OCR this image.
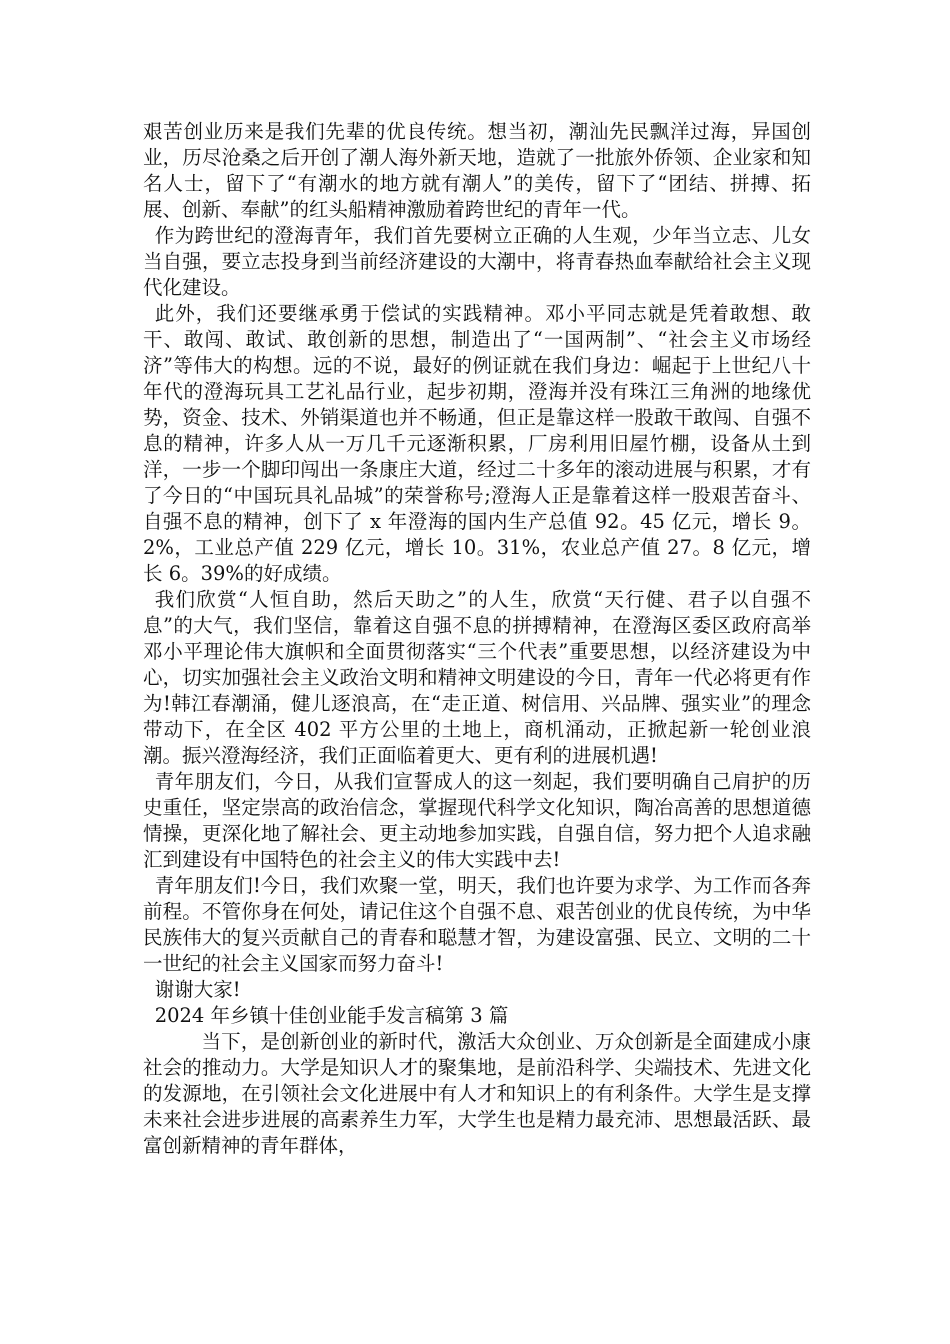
艰苦创业历来是我们先辈的优良传统。想当初，潮汕先民飘洋过海，异国创业，历尽沧桑之后开创了潮人海外新天地，造就了一批旅外侨领、企业家和知名人士，留下了“有潮水的地方就有潮人”的美传，留下了“团结、拼搏、拓展、创新、奉献”的红头船精神激励着跨世纪的青年一代。

作为跨世纪的澄海青年，我们首先要树立正确的人生观，少年当立志、儿女当自强，要立志投身到当前经济建设的大潮中，将青春热血奉献给社会主义现代化建设。

此外，我们还要继承勇于偿试的实践精神。邓小平同志就是凭着敢想、敢干、敢闯、敢试、敢创新的思想，制造出了“一国两制”、“社会主义市场经济”等伟大的构想。远的不说，最好的例证就在我们身边：崛起于上世纪八十年代的澄海玩具工艺礼品行业，起步初期，澄海并没有珠江三角洲的地缘优势，资金、技术、外销渠道也并不畅通，但正是靠这样一股敢干敢闯、自强不息的精神，许多人从一万几千元逐渐积累，厂房利用旧屋竹棚，设备从土到洋，一步一个脚印闯出一条康庄大道，经过二十多年的滚动进展与积累，才有了今日的“中国玩具礼品城”的荣誉称号;澄海人正是靠着这样一股艰苦奋斗、自强不息的精神，创下了 x 年澄海的国内生产总值 92。45 亿元，增长 9。2%，工业总产值 229 亿元，增长 10。31%，农业总产值 27。8 亿元，增长 6。39%的好成绩。

我们欣赏“人恒自助，然后天助之”的人生，欣赏“天行健、君子以自强不息”的大气，我们坚信，靠着这自强不息的拼搏精神，在澄海区委区政府高举邓小平理论伟大旗帜和全面贯彻落实“三个代表”重要思想，以经济建设为中心，切实加强社会主义政治文明和精神文明建设的今日，青年一代必将更有作为!韩江春潮涌，健儿逐浪高，在“走正道、树信用、兴品牌、强实业”的理念带动下，在全区 402 平方公里的土地上，商机涌动，正掀起新一轮创业浪潮。振兴澄海经济，我们正面临着更大、更有利的进展机遇!

青年朋友们，今日，从我们宣誓成人的这一刻起，我们要明确自己肩护的历史重任，坚定崇高的政治信念，掌握现代科学文化知识，陶冶高善的思想道德情操，更深化地了解社会、更主动地参加实践，自强自信，努力把个人追求融汇到建设有中国特色的社会主义的伟大实践中去!

青年朋友们!今日，我们欢聚一堂，明天，我们也许要为求学、为工作而各奔前程。不管你身在何处，请记住这个自强不息、艰苦创业的优良传统，为中华民族伟大的复兴贡献自己的青春和聪慧才智，为建设富强、民立、文明的二十一世纪的社会主义国家而努力奋斗!

谢谢大家!

2024 年乡镇十佳创业能手发言稿第 3 篇

当下，是创新创业的新时代，激活大众创业、万众创新是全面建成小康社会的推动力。大学是知识人才的聚集地，是前沿科学、尖端技术、先进文化的发源地，在引领社会文化进展中有人才和知识上的有利条件。大学生是支撑未来社会进步进展的高素养生力军，大学生也是精力最充沛、思想最活跃、最富创新精神的青年群体，
